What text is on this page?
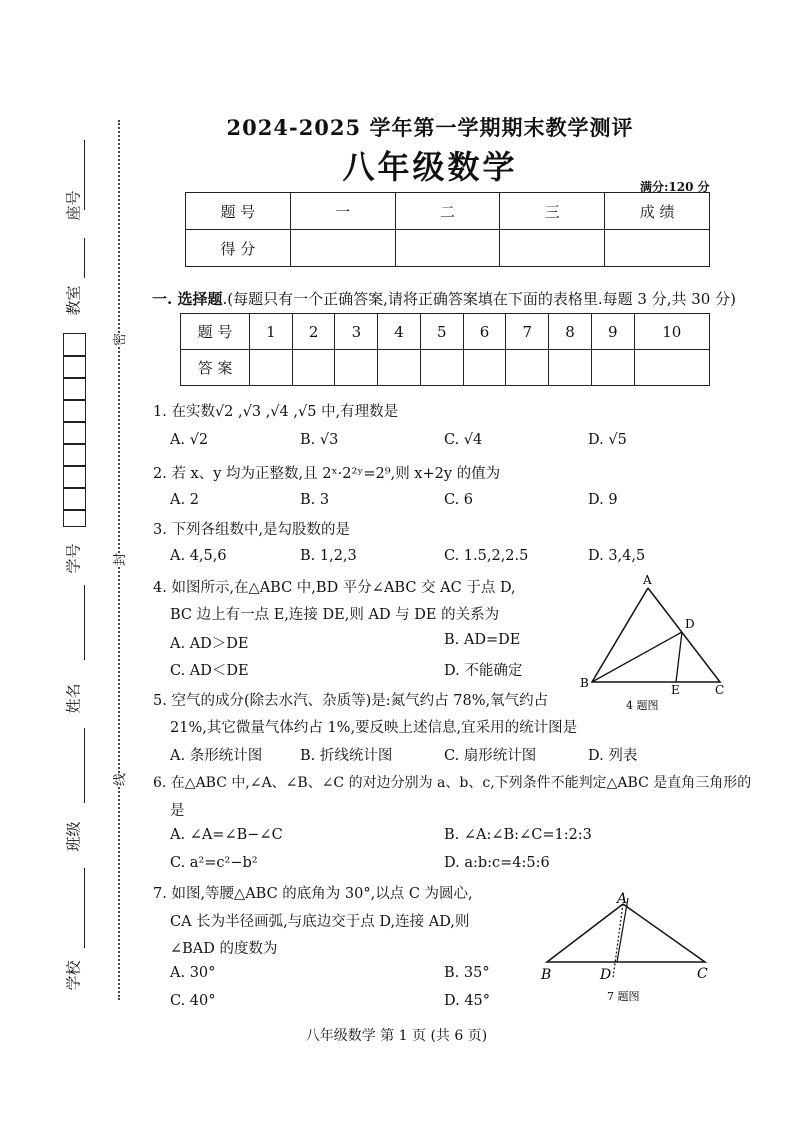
座号
教室
学号
姓名
班级
学校
密
封
线
2024-2025 学年第一学期期末教学测评
八年级数学
满分:120 分
题 号	一	二	三	成 绩
得 分				
一. 选择题.(每题只有一个正确答案,请将正确答案填在下面的表格里.每题 3 分,共 30 分)
题 号	1	2	3	4	5	6	7	8	9	10
答 案										
1. 在实数√2 ,√3 ,√4 ,√5 中,有理数是
A. √2	B. √3	C. √4	D. √5
2. 若 x、y 均为正整数,且 2ˣ·2²ʸ=2⁹,则 x+2y 的值为
A. 2	B. 3	C. 6	D. 9
3. 下列各组数中,是勾股数的是
A. 4,5,6	B. 1,2,3	C. 1.5,2,2.5	D. 3,4,5
4. 如图所示,在△ABC 中,BD 平分∠ABC 交 AC 于点 D,
BC 边上有一点 E,连接 DE,则 AD 与 DE 的关系为
A. AD＞DE	B. AD=DE
C. AD＜DE	D. 不能确定
A
B	C
D
E
4 题图
5. 空气的成分(除去水汽、杂质等)是:氮气约占 78%,氧气约占
21%,其它微量气体约占 1%,要反映上述信息,宜采用的统计图是
A. 条形统计图	B. 折线统计图	C. 扇形统计图	D. 列表
6. 在△ABC 中,∠A、∠B、∠C 的对边分别为 a、b、c,下列条件不能判定△ABC 是直角三角形的
是
A. ∠A=∠B−∠C	B. ∠A:∠B:∠C=1:2:3
C. a²=c²−b²	D. a:b:c=4:5:6
7. 如图,等腰△ABC 的底角为 30°,以点 C 为圆心,
CA 长为半径画弧,与底边交于点 D,连接 AD,则
∠BAD 的度数为
A. 30°	B. 35°
C. 40°	D. 45°
A
B	C
D
7 题图
八年级数学 第 1 页 (共 6 页)
